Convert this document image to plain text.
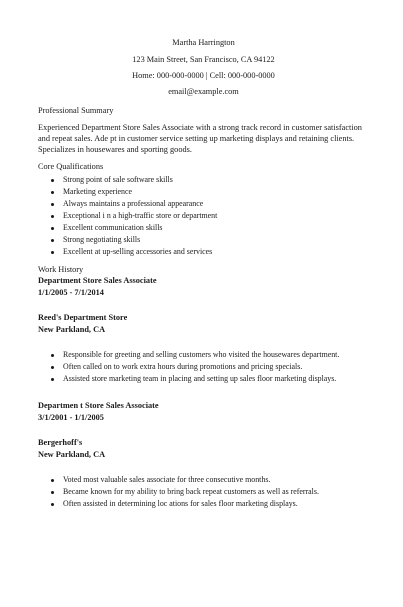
Martha Harrington
123 Main Street, San Francisco, CA 94122
Home: 000-000-0000 | Cell: 000-000-0000
email@example.com
Professional Summary
Experienced Department Store Sales Associate with a strong track record in customer satisfaction and repeat sales. Ade pt in customer service setting up marketing displays and retaining clients. Specializes in housewares and sporting goods.
Core Qualifications
Strong point of sale software skills
Marketing experience
Always maintains a professional appearance
Exceptional i n a high-traffic store or department
Excellent communication skills
Strong negotiating skills
Excellent at up-selling accessories and services
Work History
Department Store Sales Associate
1/1/2005 - 7/1/2014
Reed's Department Store
New Parkland, CA
Responsible for greeting and selling customers who visited the housewares department.
Often called on to work extra hours during promotions and pricing specials.
Assisted store marketing team in placing and setting up sales floor marketing displays.
Departmen t Store Sales Associate
3/1/2001 - 1/1/2005
Bergerhoff's
New Parkland, CA
Voted most valuable sales associate for three consecutive months.
Became known for my ability to bring back repeat customers as well as referrals.
Often assisted in determining loc ations for sales floor marketing displays.
